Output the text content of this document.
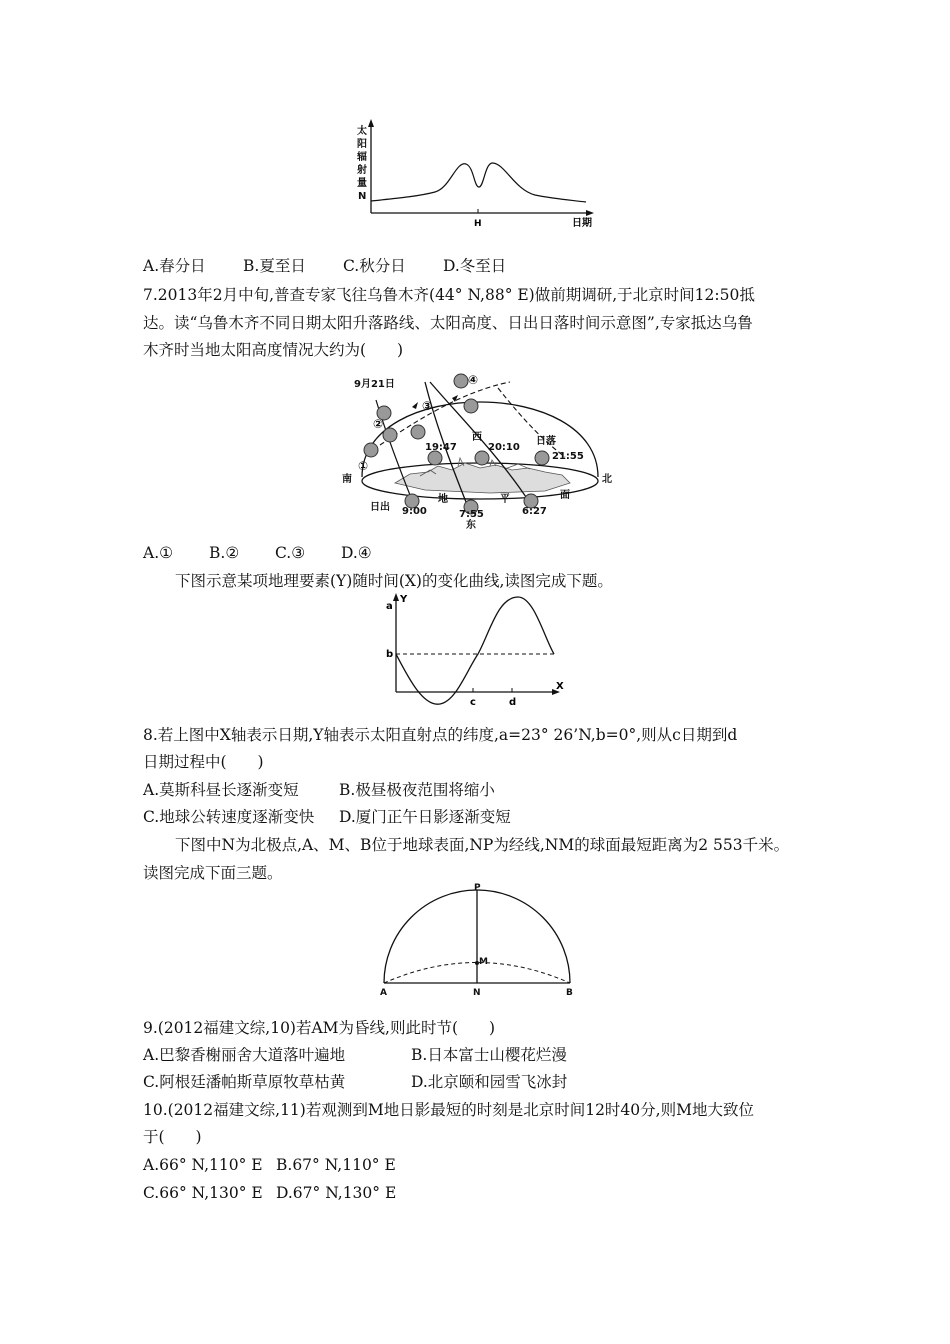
太
阳
辐
射
量
N
H	日期
A.春分日 B.夏至日 C.秋分日 D.冬至日
7.2013年2月中旬,普查专家飞往乌鲁木齐(44° N,88° E)做前期调研,于北京时间12:50抵
达。读“乌鲁木齐不同日期太阳升落路线、太阳高度、日出日落时间示意图”,专家抵达乌鲁
木齐时当地太阳高度情况大约为(　　)
9月21日	④
③
②
①
19:47
西
20:10
日落
21:55
南	北
地	平	面
日出 9:00	7:55	6:27
东
A.① B.② C.③ D.④
下图示意某项地理要素(Y)随时间(X)的变化曲线,读图完成下题。
Y
X
a
b
c	d
8.若上图中X轴表示日期,Y轴表示太阳直射点的纬度,a=23° 26’N,b=0°,则从c日期到d
日期过程中(　　)
A.莫斯科昼长逐渐变短	B.极昼极夜范围将缩小
C.地球公转速度逐渐变快 D.厦门正午日影逐渐变短
下图中N为北极点,A、M、B位于地球表面,NP为经线,NM的球面最短距离为2 553千米。
读图完成下面三题。
P
M
A	N	B
9.(2012福建文综,10)若AM为昏线,则此时节(　　)
A.巴黎香榭丽舍大道落叶遍地	B.日本富士山樱花烂漫
C.阿根廷潘帕斯草原牧草枯黄	D.北京颐和园雪飞冰封
10.(2012福建文综,11)若观测到M地日影最短的时刻是北京时间12时40分,则M地大致位
于(　　)
A.66° N,110° E B.67° N,110° E
C.66° N,130° E D.67° N,130° E
